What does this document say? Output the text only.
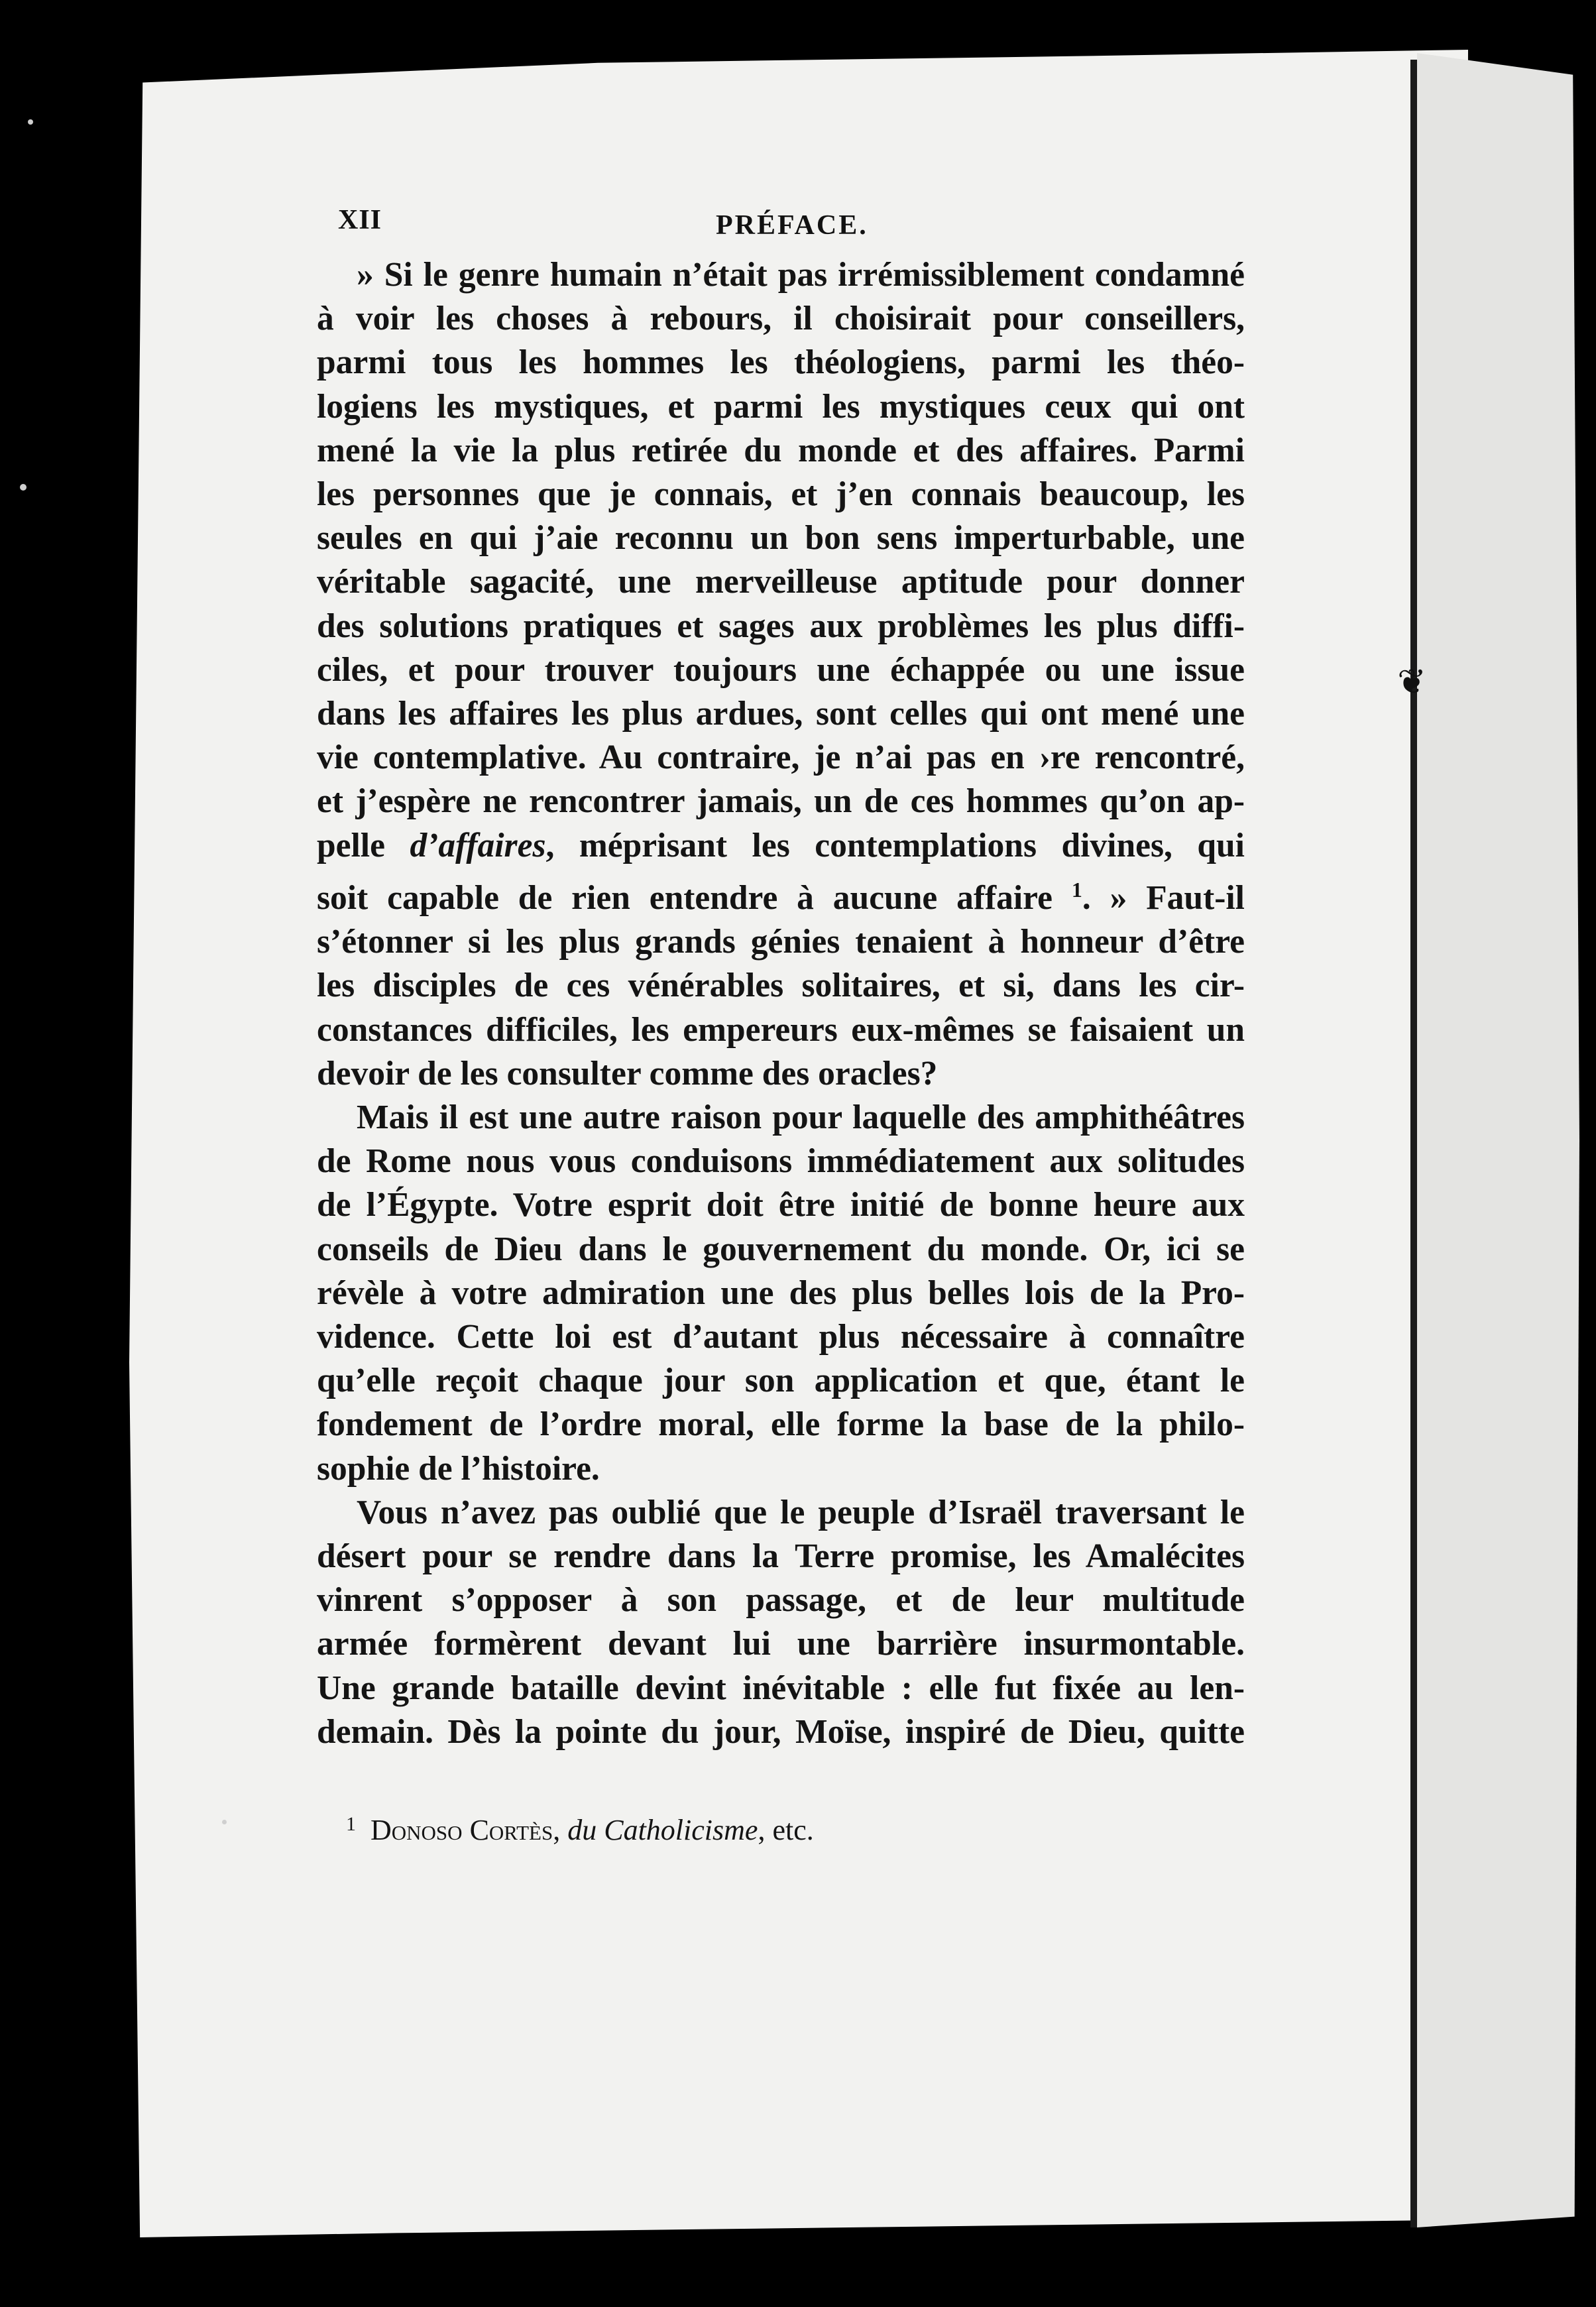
❦
XII	PRÉFACE.
» Si le genre humain n’était pas irrémissiblement condamné
à voir les choses à rebours, il choisirait pour conseillers,
parmi tous les hommes les théologiens, parmi les théo-
logiens les mystiques, et parmi les mystiques ceux qui ont
mené la vie la plus retirée du monde et des affaires. Parmi
les personnes que je connais, et j’en connais beaucoup, les
seules en qui j’aie reconnu un bon sens imperturbable, une
véritable sagacité, une merveilleuse aptitude pour donner
des solutions pratiques et sages aux problèmes les plus diffi-
ciles, et pour trouver toujours une échappée ou une issue
dans les affaires les plus ardues, sont celles qui ont mené une
vie contemplative. Au contraire, je n’ai pas en ›re rencontré,
et j’espère ne rencontrer jamais, un de ces hommes qu’on ap-
pelle d’affaires, méprisant les contemplations divines, qui
soit capable de rien entendre à aucune affaire $^1$. » Faut-il
s’étonner si les plus grands génies tenaient à honneur d’être
les disciples de ces vénérables solitaires, et si, dans les cir-
constances difficiles, les empereurs eux-mêmes se faisaient un
devoir de les consulter comme des oracles?
Mais il est une autre raison pour laquelle des amphithéâtres
de Rome nous vous conduisons immédiatement aux solitudes
de l’Égypte. Votre esprit doit être initié de bonne heure aux
conseils de Dieu dans le gouvernement du monde. Or, ici se
révèle à votre admiration une des plus belles lois de la Pro-
vidence. Cette loi est d’autant plus nécessaire à connaître
qu’elle reçoit chaque jour son application et que, étant le
fondement de l’ordre moral, elle forme la base de la philo-
sophie de l’histoire.
Vous n’avez pas oublié que le peuple d’Israël traversant le
désert pour se rendre dans la Terre promise, les Amalécites
vinrent s’opposer à son passage, et de leur multitude
armée formèrent devant lui une barrière insurmontable.
Une grande bataille devint inévitable : elle fut fixée au len-
demain. Dès la pointe du jour, Moïse, inspiré de Dieu, quitte
$^1$ Donoso Cortès, du Catholicisme, etc.
